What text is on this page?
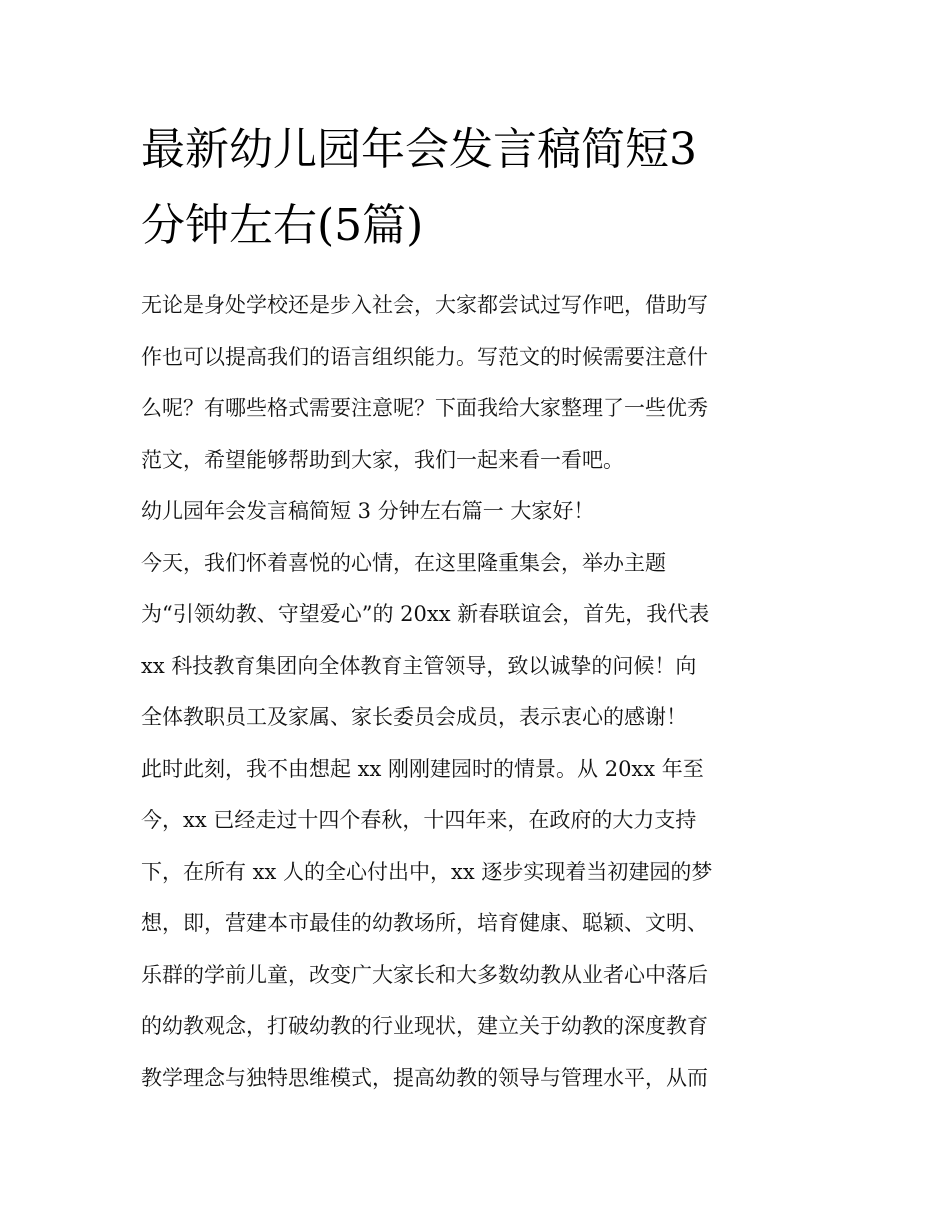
最新幼儿园年会发言稿简短3
分钟左右(5篇)
无论是身处学校还是步入社会，大家都尝试过写作吧，借助写
作也可以提高我们的语言组织能力。写范文的时候需要注意什
么呢？有哪些格式需要注意呢？下面我给大家整理了一些优秀
范文，希望能够帮助到大家，我们一起来看一看吧。
幼儿园年会发言稿简短 3 分钟左右篇一 大家好！
今天，我们怀着喜悦的心情，在这里隆重集会，举办主题
为“引领幼教、守望爱心”的 20xx 新春联谊会，首先，我代表
xx 科技教育集团向全体教育主管领导，致以诚挚的问候！向
全体教职员工及家属、家长委员会成员，表示衷心的感谢！
此时此刻，我不由想起 xx 刚刚建园时的情景。从 20xx 年至
今，xx 已经走过十四个春秋，十四年来，在政府的大力支持
下，在所有 xx 人的全心付出中，xx 逐步实现着当初建园的梦
想，即，营建本市最佳的幼教场所，培育健康、聪颖、文明、
乐群的学前儿童，改变广大家长和大多数幼教从业者心中落后
的幼教观念，打破幼教的行业现状，建立关于幼教的深度教育
教学理念与独特思维模式，提高幼教的领导与管理水平，从而
